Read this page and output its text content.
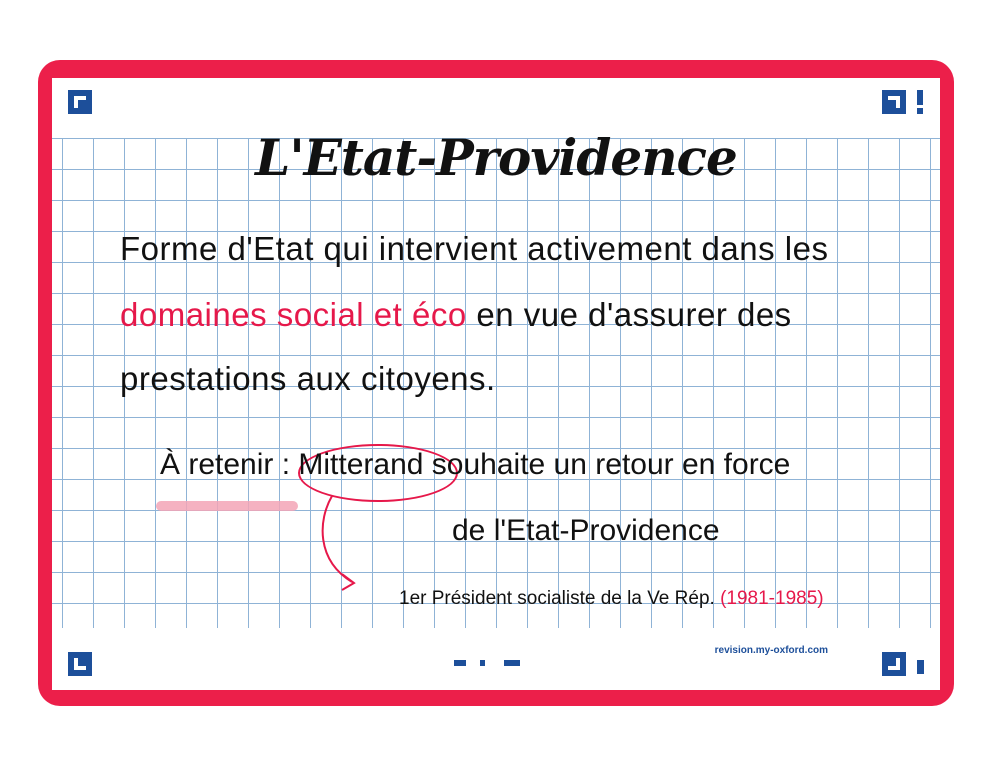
revision.my-oxford.com
L'Etat-Providence
Forme d'Etat qui intervient activement dans les
domaines social et éco en vue d'assurer des
prestations aux citoyens.
À retenir : Mitterand souhaite un retour en force
de l'Etat-Providence
1er Président socialiste de la Ve Rép. (1981-1985)
